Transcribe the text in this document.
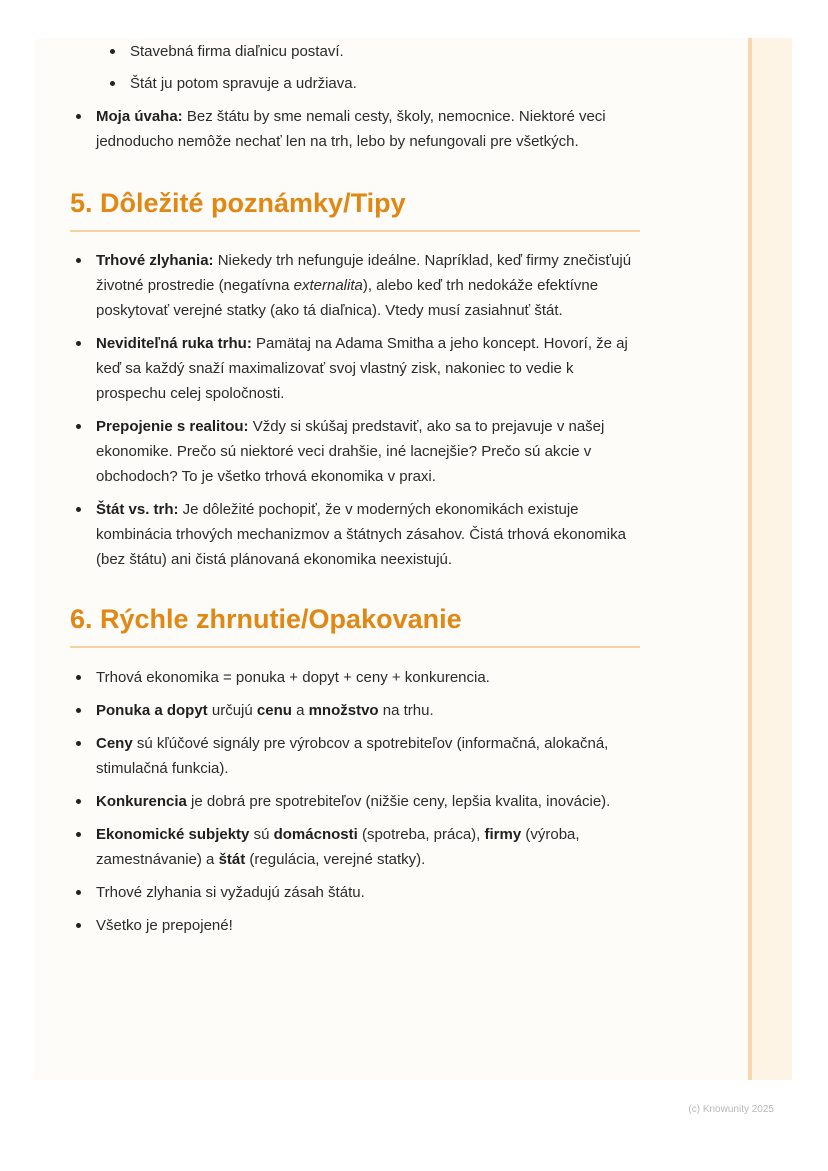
Stavebná firma diaľnicu postaví.
Štát ju potom spravuje a udržiava.
Moja úvaha: Bez štátu by sme nemali cesty, školy, nemocnice. Niektoré veci jednoducho nemôže nechať len na trh, lebo by nefungovali pre všetkých.
5. Dôležité poznámky/Tipy
Trhové zlyhania: Niekedy trh nefunguje ideálne. Napríklad, keď firmy znečisťujú životné prostredie (negatívna externalita), alebo keď trh nedokáže efektívne poskytovať verejné statky (ako tá diaľnica). Vtedy musí zasiahnuť štát.
Neviditeľná ruka trhu: Pamätaj na Adama Smitha a jeho koncept. Hovorí, že aj keď sa každý snaží maximalizovať svoj vlastný zisk, nakoniec to vedie k prospechu celej spoločnosti.
Prepojenie s realitou: Vždy si skúšaj predstaviť, ako sa to prejavuje v našej ekonomike. Prečo sú niektoré veci drahšie, iné lacnejšie? Prečo sú akcie v obchodoch? To je všetko trhová ekonomika v praxi.
Štát vs. trh: Je dôležité pochopiť, že v moderných ekonomikách existuje kombinácia trhových mechanizmov a štátnych zásahov. Čistá trhová ekonomika (bez štátu) ani čistá plánovaná ekonomika neexistujú.
6. Rýchle zhrnutie/Opakovanie
Trhová ekonomika = ponuka + dopyt + ceny + konkurencia.
Ponuka a dopyt určujú cenu a množstvo na trhu.
Ceny sú kľúčové signály pre výrobcov a spotrebiteľov (informačná, alokačná, stimulačná funkcia).
Konkurencia je dobrá pre spotrebiteľov (nižšie ceny, lepšia kvalita, inovácie).
Ekonomické subjekty sú domácnosti (spotreba, práca), firmy (výroba, zamestnávanie) a štát (regulácia, verejné statky).
Trhové zlyhania si vyžadujú zásah štátu.
Všetko je prepojené!
(c) Knowunity 2025
